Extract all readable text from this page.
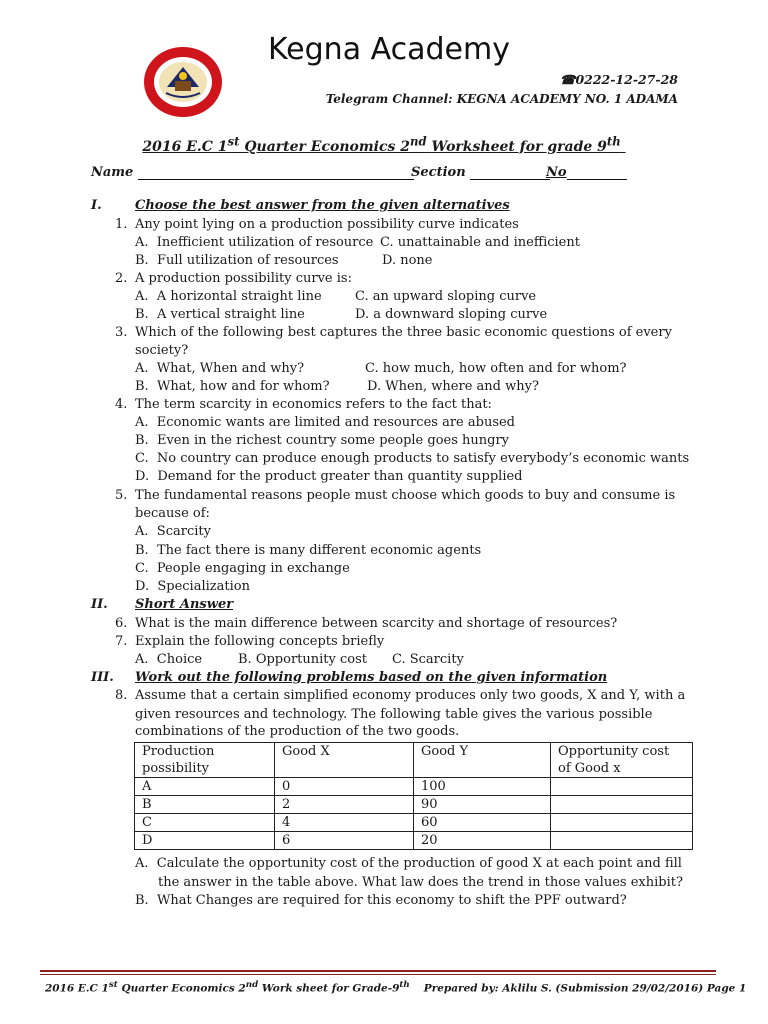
Kegna Academy
☎0222-12-27-28
Telegram Channel: KEGNA ACADEMY NO. 1 ADAMA
2016 E.C 1st Quarter Economics 2nd Worksheet for grade 9th
Name	Section	No
I.	Choose the best answer from the given alternatives
1. Any point lying on a production possibility curve indicates
A.  Inefficient utilization of resource C. unattainable and inefficient
B.  Full utilization of resources	D. none
2. A production possibility curve is:
A.  A horizontal straight line	C. an upward sloping curve
B.  A vertical straight line	D. a downward sloping curve
3. Which of the following best captures the three basic economic questions of every
society?
A.  What, When and why?	C. how much, how often and for whom?
B.  What, how and for whom?	D. When, where and why?
4. The term scarcity in economics refers to the fact that:
A.  Economic wants are limited and resources are abused
B.  Even in the richest country some people goes hungry
C.  No country can produce enough products to satisfy everybody’s economic wants
D.  Demand for the product greater than quantity supplied
5. The fundamental reasons people must choose which goods to buy and consume is
because of:
A.  Scarcity
B.  The fact there is many different economic agents
C.  People engaging in exchange
D.  Specialization
II. Short Answer
6. What is the main difference between scarcity and shortage of resources?
7. Explain the following concepts briefly
A.  Choice	B. Opportunity cost C. Scarcity
III. Work out the following problems based on the given information
8. Assume that a certain simplified economy produces only two goods, X and Y, with a
given resources and technology. The following table gives the various possible
combinations of the production of the two goods.
Production possibility	Good X	Good Y	Opportunity cost of Good x
A	0	100	
B	2	90	
C	4	60	
D	6	20	
A.  Calculate the opportunity cost of the production of good X at each point and fill
the answer in the table above. What law does the trend in those values exhibit?
B.  What Changes are required for this economy to shift the PPF outward?
2016 E.C 1st Quarter Economics 2nd Work sheet for Grade-9th Prepared by: Aklilu S. (Submission 29/02/2016) Page 1
